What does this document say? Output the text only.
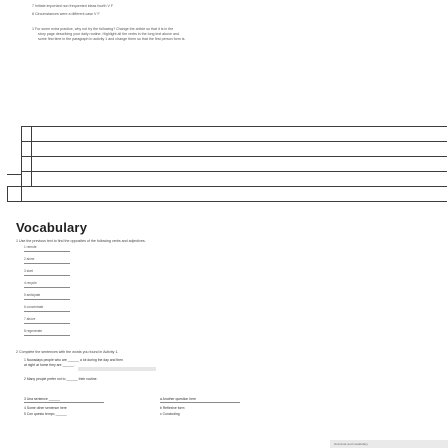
7 Initiate important non frequented ideas fourth V F
8 Circumstances were a different case V F
1 For some extra practice, why not try the following? Change the article so that it is in the
story page describing your daily routine. Highlight all the verbs in the long text above and
some first time in the paragraph in activity 1 and change them so that the first person form is.
Vocabulary
1 Use the previous text to find the opposites of the following verbs and adjectives.
1 remote
2 alone
3 start
4 recycle
5 anticipate
6 concentrate
7 above
8 regenerate
2 Complete the sentences with the words you found in Activity 1.
1 Nowadays people who are ______ a lot during the day and then
at night at home they are ______.
2 Many people prefer not to ______ their routine.
3 Una sentence ______
4 Some other sentence here
5 Con questo tempo ______
a Another question here
b Reflexive form
c Concluding
Grammar and vocabulary
